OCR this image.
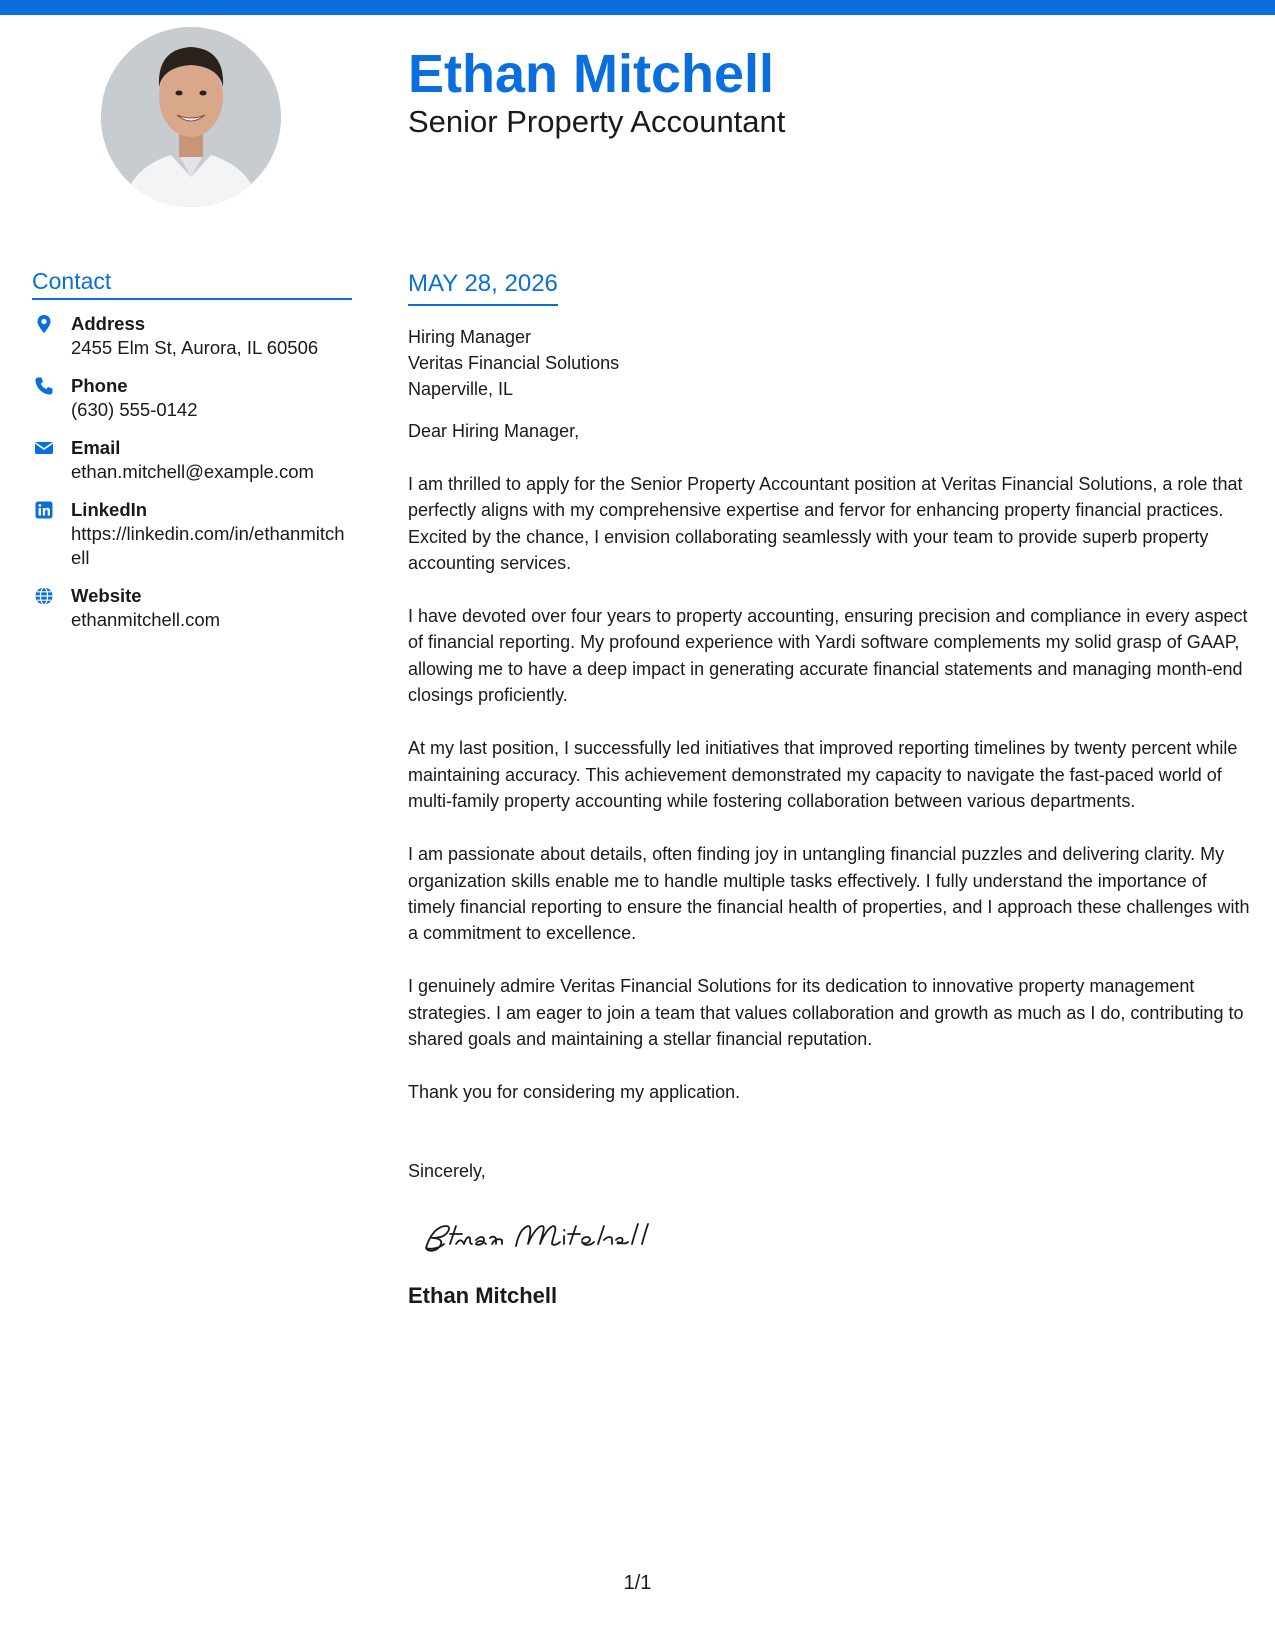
Ethan Mitchell
Senior Property Accountant
Contact
Address
2455 Elm St, Aurora, IL 60506
Phone
(630) 555-0142
Email
ethan.mitchell@example.com
LinkedIn
https://linkedin.com/in/ethanmitchell
Website
ethanmitchell.com
MAY 28, 2026
Hiring Manager
Veritas Financial Solutions
Naperville, IL
Dear Hiring Manager,
I am thrilled to apply for the Senior Property Accountant position at Veritas Financial Solutions, a role that perfectly aligns with my comprehensive expertise and fervor for enhancing property financial practices. Excited by the chance, I envision collaborating seamlessly with your team to provide superb property accounting services.
I have devoted over four years to property accounting, ensuring precision and compliance in every aspect of financial reporting. My profound experience with Yardi software complements my solid grasp of GAAP, allowing me to have a deep impact in generating accurate financial statements and managing month-end closings proficiently.
At my last position, I successfully led initiatives that improved reporting timelines by twenty percent while maintaining accuracy. This achievement demonstrated my capacity to navigate the fast-paced world of multi-family property accounting while fostering collaboration between various departments.
I am passionate about details, often finding joy in untangling financial puzzles and delivering clarity. My organization skills enable me to handle multiple tasks effectively. I fully understand the importance of timely financial reporting to ensure the financial health of properties, and I approach these challenges with a commitment to excellence.
I genuinely admire Veritas Financial Solutions for its dedication to innovative property management strategies. I am eager to join a team that values collaboration and growth as much as I do, contributing to shared goals and maintaining a stellar financial reputation.
Thank you for considering my application.
Sincerely,
Ethan Mitchell
1/1
